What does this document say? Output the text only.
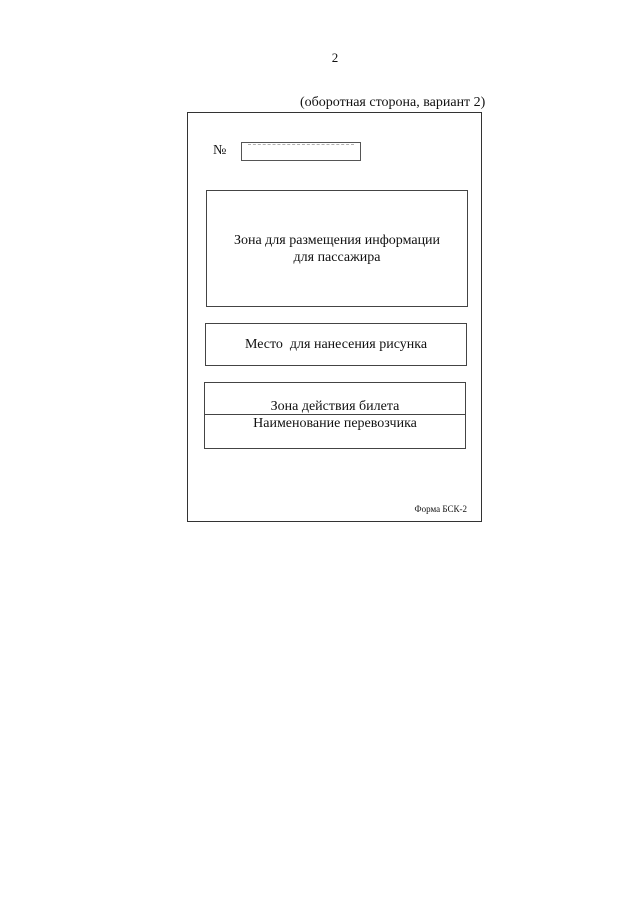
2
(оборотная сторона, вариант 2)
№
Зона для размещения информации для пассажира
Место  для нанесения рисунка
Зона действия билета
Наименование перевозчика
Форма БСК-2
